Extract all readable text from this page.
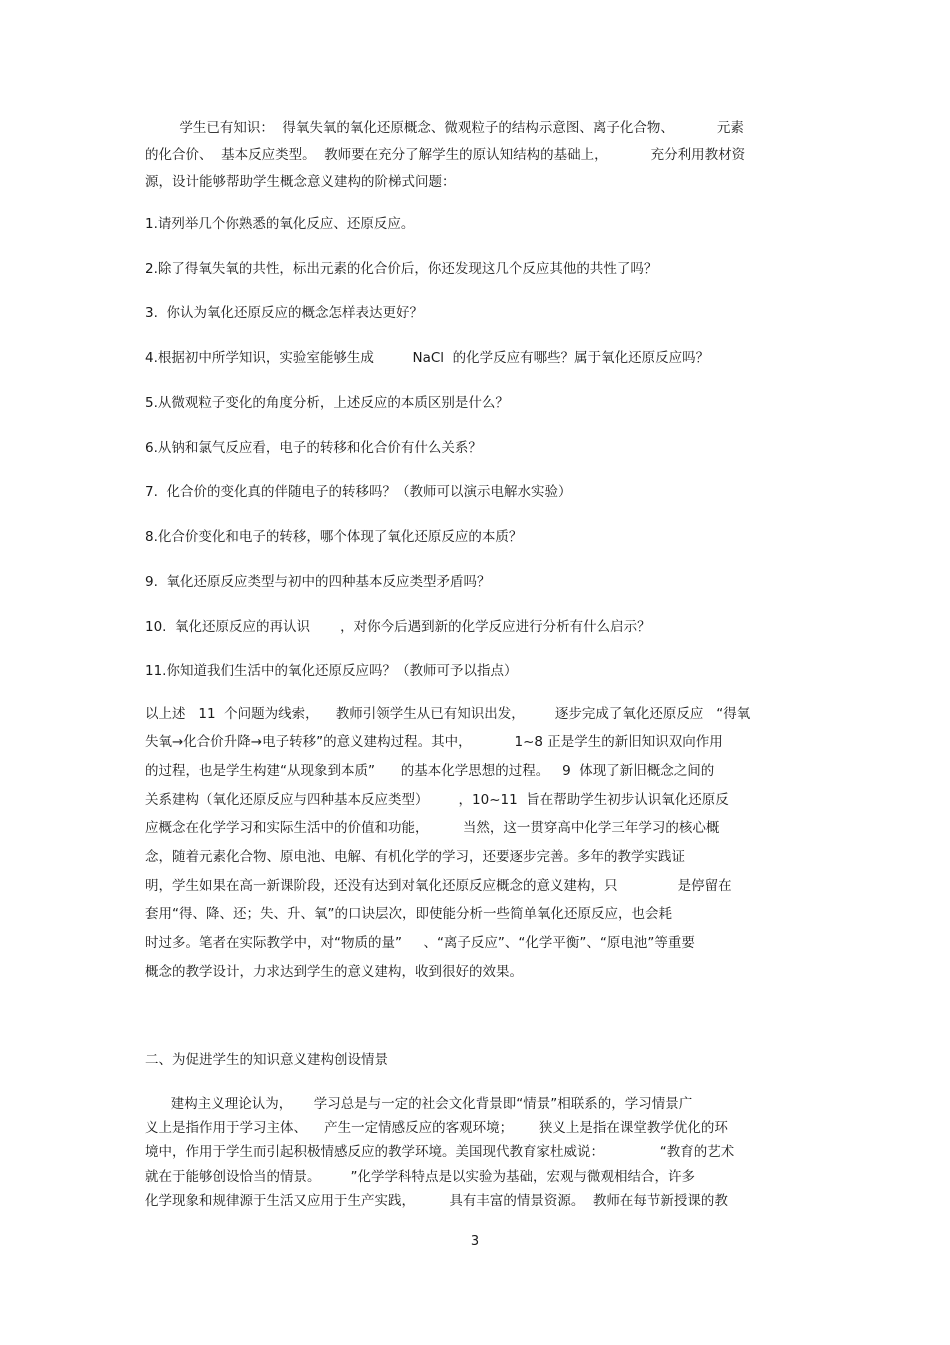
学生已有知识：  得氧失氧的氧化还原概念、微观粒子的结构示意图、离子化合物、          元素
的化合价、  基本反应类型。  教师要在充分了解学生的原认知结构的基础上，          充分利用教材资
源，设计能够帮助学生概念意义建构的阶梯式问题：
1.请列举几个你熟悉的氧化反应、还原反应。
2.除了得氧失氧的共性，标出元素的化合价后，你还发现这几个反应其他的共性了吗？
3.  你认为氧化还原反应的概念怎样表达更好？
4.根据初中所学知识，实验室能够生成         NaCl  的化学反应有哪些？属于氧化还原反应吗？
5.从微观粒子变化的角度分析，上述反应的本质区别是什么？
6.从钠和氯气反应看，电子的转移和化合价有什么关系？
7.  化合价的变化真的伴随电子的转移吗？（教师可以演示电解水实验）
8.化合价变化和电子的转移，哪个体现了氧化还原反应的本质？
9.  氧化还原反应类型与初中的四种基本反应类型矛盾吗？
10.  氧化还原反应的再认识       ，对你今后遇到新的化学反应进行分析有什么启示？
11.你知道我们生活中的氧化还原反应吗？（教师可予以指点）
以上述   11  个问题为线索，    教师引领学生从已有知识出发，       逐步完成了氧化还原反应   “得氧
失氧→化合价升降→电子转移”的意义建构过程。其中，          1~8 正是学生的新旧知识双向作用
的过程，也是学生构建“从现象到本质”      的基本化学思想的过程。   9  体现了新旧概念之间的
关系建构（氧化还原反应与四种基本反应类型）       ，10~11  旨在帮助学生初步认识氧化还原反
应概念在化学学习和实际生活中的价值和功能，        当然，这一贯穿高中化学三年学习的核心概
念，随着元素化合物、原电池、电解、有机化学的学习，还要逐步完善。多年的教学实践证
明，学生如果在高一新课阶段，还没有达到对氧化还原反应概念的意义建构，只              是停留在
套用“得、降、还；失、升、氧”的口诀层次，即使能分析一些简单氧化还原反应，也会耗
时过多。笔者在实际教学中，对“物质的量”     、“离子反应”、“化学平衡”、“原电池”等重要
概念的教学设计，力求达到学生的意义建构，收到很好的效果。
二、为促进学生的知识意义建构创设情景
建构主义理论认为，     学习总是与一定的社会文化背景即“情景”相联系的，学习情景广
义上是指作用于学习主体、    产生一定情感反应的客观环境；      狭义上是指在课堂教学优化的环
境中，作用于学生而引起积极情感反应的教学环境。美国现代教育家杜威说：             “教育的艺术
就在于能够创设恰当的情景。       ”化学学科特点是以实验为基础，宏观与微观相结合，许多
化学现象和规律源于生活又应用于生产实践，        具有丰富的情景资源。  教师在每节新授课的教
3
